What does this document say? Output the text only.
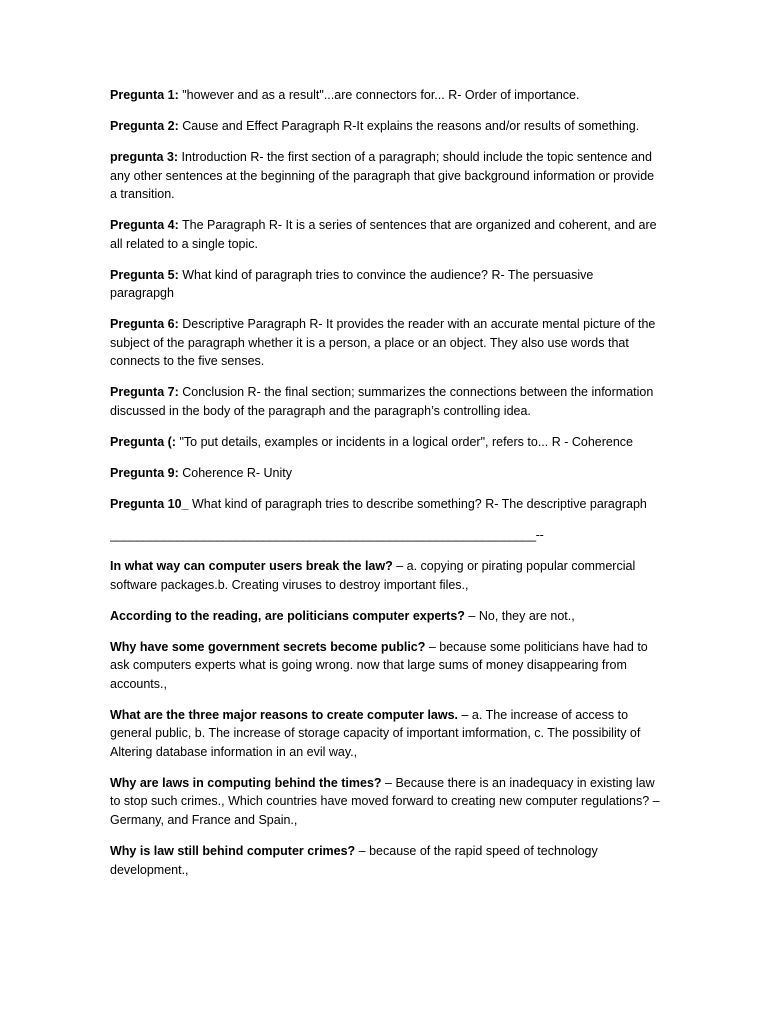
Pregunta 1: "however and as a result"...are connectors for... R- Order of importance.

Pregunta 2: Cause and Effect Paragraph R-It explains the reasons and/or results of something.

pregunta 3: Introduction R- the first section of a paragraph; should include the topic sentence and any other sentences at the beginning of the paragraph that give background information or provide a transition.

Pregunta 4: The Paragraph R- It is a series of sentences that are organized and coherent, and are all related to a single topic.

Pregunta 5: What kind of paragraph tries to convince the audience? R- The persuasive paragrapgh

Pregunta 6: Descriptive Paragraph R- It provides the reader with an accurate mental picture of the subject of the paragraph whether it is a person, a place or an object. They also use words that connects to the five senses.

Pregunta 7: Conclusion R- the final section; summarizes the connections between the information discussed in the body of the paragraph and the paragraph’s controlling idea.

Pregunta (: "To put details, examples or incidents in a logical order", refers to... R - Coherence

Pregunta 9: Coherence R- Unity

Pregunta 10_ What kind of paragraph tries to describe something? R- The descriptive paragraph

________________________________________________________________--

In what way can computer users break the law? – a. copying or pirating popular commercial software packages.b. Creating viruses to destroy important files.,

According to the reading, are politicians computer experts? – No, they are not.,

Why have some government secrets become public? – because some politicians have had to ask computers experts what is going wrong. now that large sums of money disappearing from accounts.,

What are the three major reasons to create computer laws. – a. The increase of access to general public, b. The increase of storage capacity of important imformation, c. The possibility of Altering database information in an evil way.,

Why are laws in computing behind the times? – Because there is an inadequacy in existing law to stop such crimes., Which countries have moved forward to creating new computer regulations? – Germany, and France and Spain.,

Why is law still behind computer crimes? – because of the rapid speed of technology development.,
